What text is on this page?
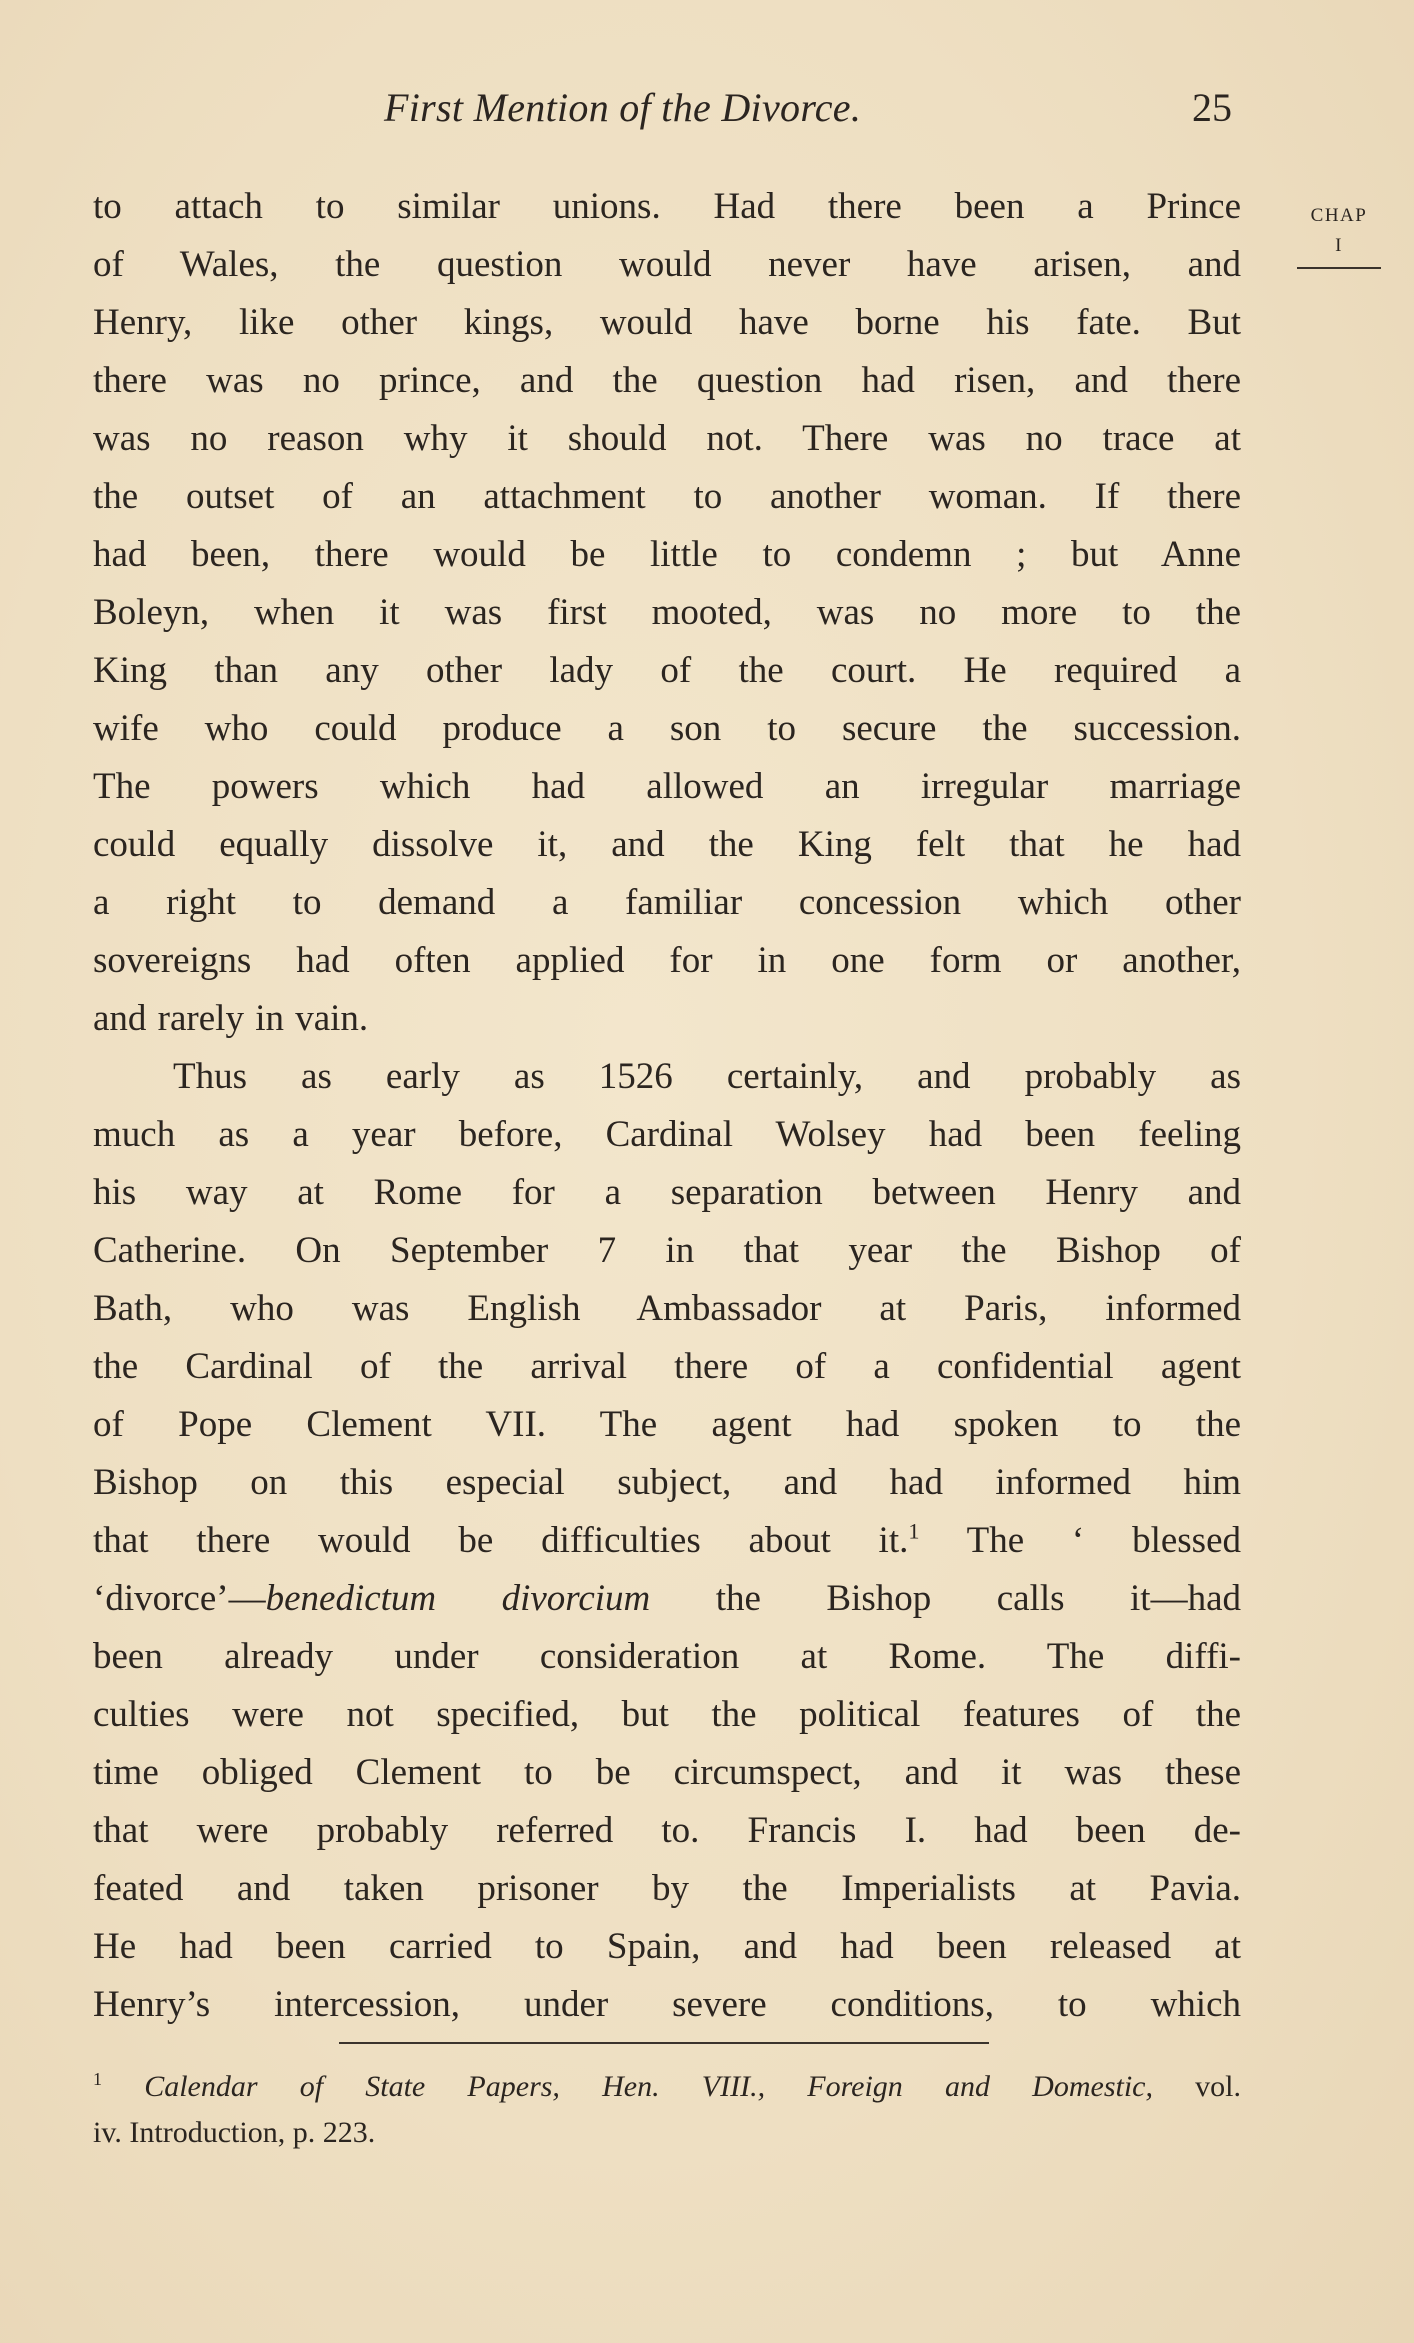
First Mention of the Divorce.	25
CHAP
I
to attach to similar unions. Had there been a Prince
of Wales, the question would never have arisen, and
Henry, like other kings, would have borne his fate. But
there was no prince, and the question had risen, and there
was no reason why it should not. There was no trace at
the outset of an attachment to another woman. If there
had been, there would be little to condemn ; but Anne
Boleyn, when it was first mooted, was no more to the
King than any other lady of the court. He required a
wife who could produce a son to secure the succession.
The powers which had allowed an irregular marriage
could equally dissolve it, and the King felt that he had
a right to demand a familiar concession which other
sovereigns had often applied for in one form or another,
and rarely in vain.
Thus as early as 1526 certainly, and probably as
much as a year before, Cardinal Wolsey had been feeling
his way at Rome for a separation between Henry and
Catherine. On September 7 in that year the Bishop of
Bath, who was English Ambassador at Paris, informed
the Cardinal of the arrival there of a confidential agent
of Pope Clement VII. The agent had spoken to the
Bishop on this especial subject, and had informed him
that there would be difficulties about it.$^1$ The ‘ blessed
‘divorce’—benedictum divorcium the Bishop calls it—had
been already under consideration at Rome. The diffi-
culties were not specified, but the political features of the
time obliged Clement to be circumspect, and it was these
that were probably referred to. Francis I. had been de-
feated and taken prisoner by the Imperialists at Pavia.
He had been carried to Spain, and had been released at
Henry’s intercession, under severe conditions, to which
$^1$ Calendar of State Papers, Hen. VIII., Foreign and Domestic, vol.
iv. Introduction, p. 223.
